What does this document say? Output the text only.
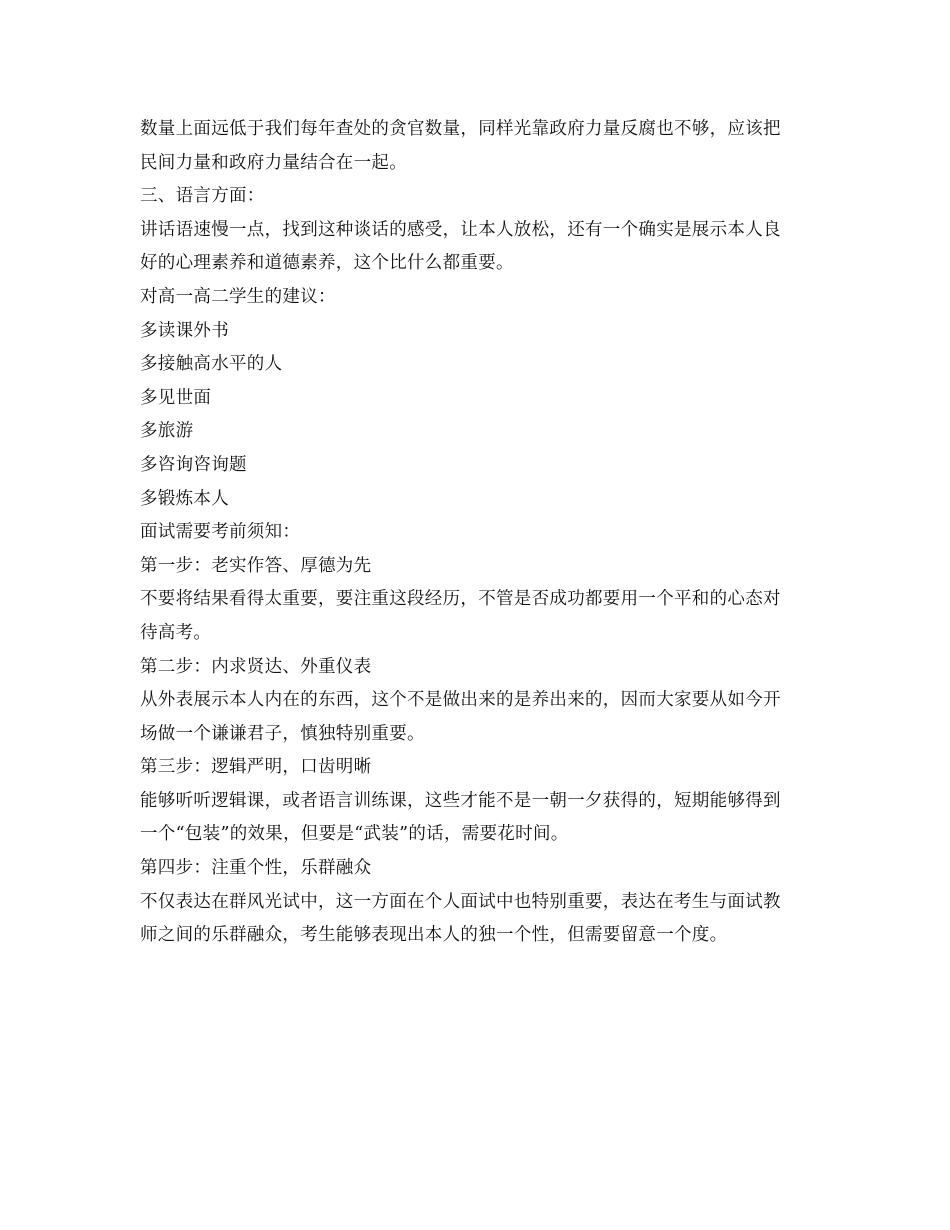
数量上面远低于我们每年查处的贪官数量，同样光靠政府力量反腐也不够，应该把
民间力量和政府力量结合在一起。
三、语言方面：
讲话语速慢一点，找到这种谈话的感受，让本人放松，还有一个确实是展示本人良
好的心理素养和道德素养，这个比什么都重要。
对高一高二学生的建议：
多读课外书
多接触高水平的人
多见世面
多旅游
多咨询咨询题
多锻炼本人
面试需要考前须知：
第一步：老实作答、厚德为先
不要将结果看得太重要，要注重这段经历，不管是否成功都要用一个平和的心态对
待高考。
第二步：内求贤达、外重仪表
从外表展示本人内在的东西，这个不是做出来的是养出来的，因而大家要从如今开
场做一个谦谦君子，慎独特别重要。
第三步：逻辑严明，口齿明晰
能够听听逻辑课，或者语言训练课，这些才能不是一朝一夕获得的，短期能够得到
一个“包装”的效果，但要是“武装”的话，需要花时间。
第四步：注重个性，乐群融众
不仅表达在群风光试中，这一方面在个人面试中也特别重要，表达在考生与面试教
师之间的乐群融众，考生能够表现出本人的独一个性，但需要留意一个度。
